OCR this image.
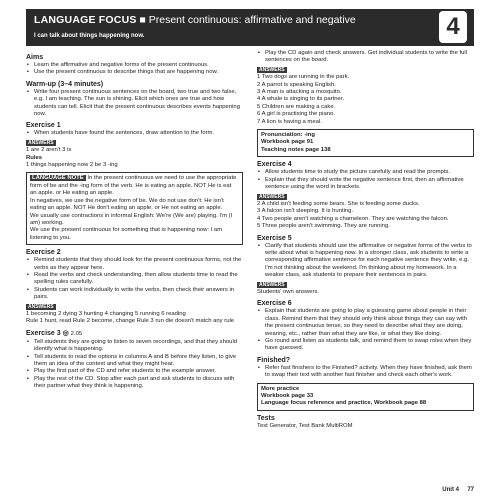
LANGUAGE FOCUS ■ Present continuous: affirmative and negative
I can talk about things happening now.	4
Aims
▪ Learn the affirmative and negative forms of the present continuous.
▪ Use the present continuous to describe things that are happening now.
Warm-up (3–4 minutes)
▪ Write four present continuous sentences on the board, two true and two false, e.g. I am teaching. The sun is shining. Elicit which ones are true and how students can tell. Elicit that the present continuous describes events happening now.
Exercise 1
▪ When students have found the sentences, draw attention to the form.
ANSWERS

1 are 2 aren't 3 is

Rules

1 things happening now 2 be 3 -ing

LANGUAGE NOTE In the present continuous we need to use the appropriate form of be and the -ing form of the verb. He is eating an apple. NOT He is eat an apple. or He eating an apple.

In negatives, we use the negative form of be. We do not use don't: He isn't eating an apple. NOT He don't eating an apple. or He not eating an apple.

We usually use contractions in informal English: We're (We are) playing. I'm (I am) working.

We use the present continuous for something that is happening now: I am listening to you.

Exercise 2
▪ Remind students that they should look for the present continuous forms, not the verbs as they appear here.
▪ Read the verbs and check understanding, then allow students time to read the spelling rules carefully.
▪ Students can work individually to write the verbs, then check their answers in pairs.
ANSWERS

1 becoming 2 dying 3 hunting 4 changing 5 running 6 reading

Rule 1 hunt, read Rule 2 become, change Rule 3 run die doesn't match any rule

Exercise 3 ◎ 2.05
▪ Tell students they are going to listen to seven recordings, and that they should identify what is happening.
▪ Tell students to read the options in columns A and B before they listen, to give them an idea of the context and what they might hear.
▪ Play the first part of the CD and refer students to the example answer.
▪ Play the rest of the CD. Stop after each part and ask students to discuss with their partner what they think is happening.
▪ Play the CD again and check answers. Get individual students to write the full sentences on the board.
ANSWERS

1 Two dogs are running in the park.

2 A parrot is speaking English.

3 A man is attacking a mosquito.

4 A whale is singing to its partner.

5 Children are making a cake.

6 A girl is practising the piano.

7 A lion is having a meal.

Pronunciation: -ing

Workbook page 91

Teaching notes page 138

Exercise 4
▪ Allow students time to study the picture carefully and read the prompts.
▪ Explain that they should write the negative sentence first, then an affirmative sentence using the word in brackets.
ANSWERS

2 A child isn't feeding some bears. She is feeding some ducks.

3 A falcon isn't sleeping. It is hunting.

4 Two people aren't watching a chameleon. They are watching the falcon.

5 Three people aren't swimming. They are running.

Exercise 5
▪ Clarify that students should use the affirmative or negative forms of the verbs to write about what is happening now. In a stronger class, ask students to write a corresponding affirmative sentence for each negative sentence they write, e.g. I'm not thinking about the weekend. I'm thinking about my homework. In a weaker class, ask students to prepare their sentences in pairs.
ANSWERS

Students' own answers.

Exercise 6
▪ Explain that students are going to play a guessing game about people in their class. Remind them that they should only think about things they can say with the present continuous tense, so they need to describe what they are doing, wearing, etc., rather than what they are like, or what they like doing.
▪ Go round and listen as students talk, and remind them to swap roles when they have guessed.
Finished?
▪ Refer fast finishers to the Finished? activity. When they have finished, ask them to swap their text with another fast finisher and check each other's work.

More practice

Workbook page 33

Language focus reference and practice, Workbook page 88

Tests

Test Generator, Test Bank MultiROM

Unit 4 77
